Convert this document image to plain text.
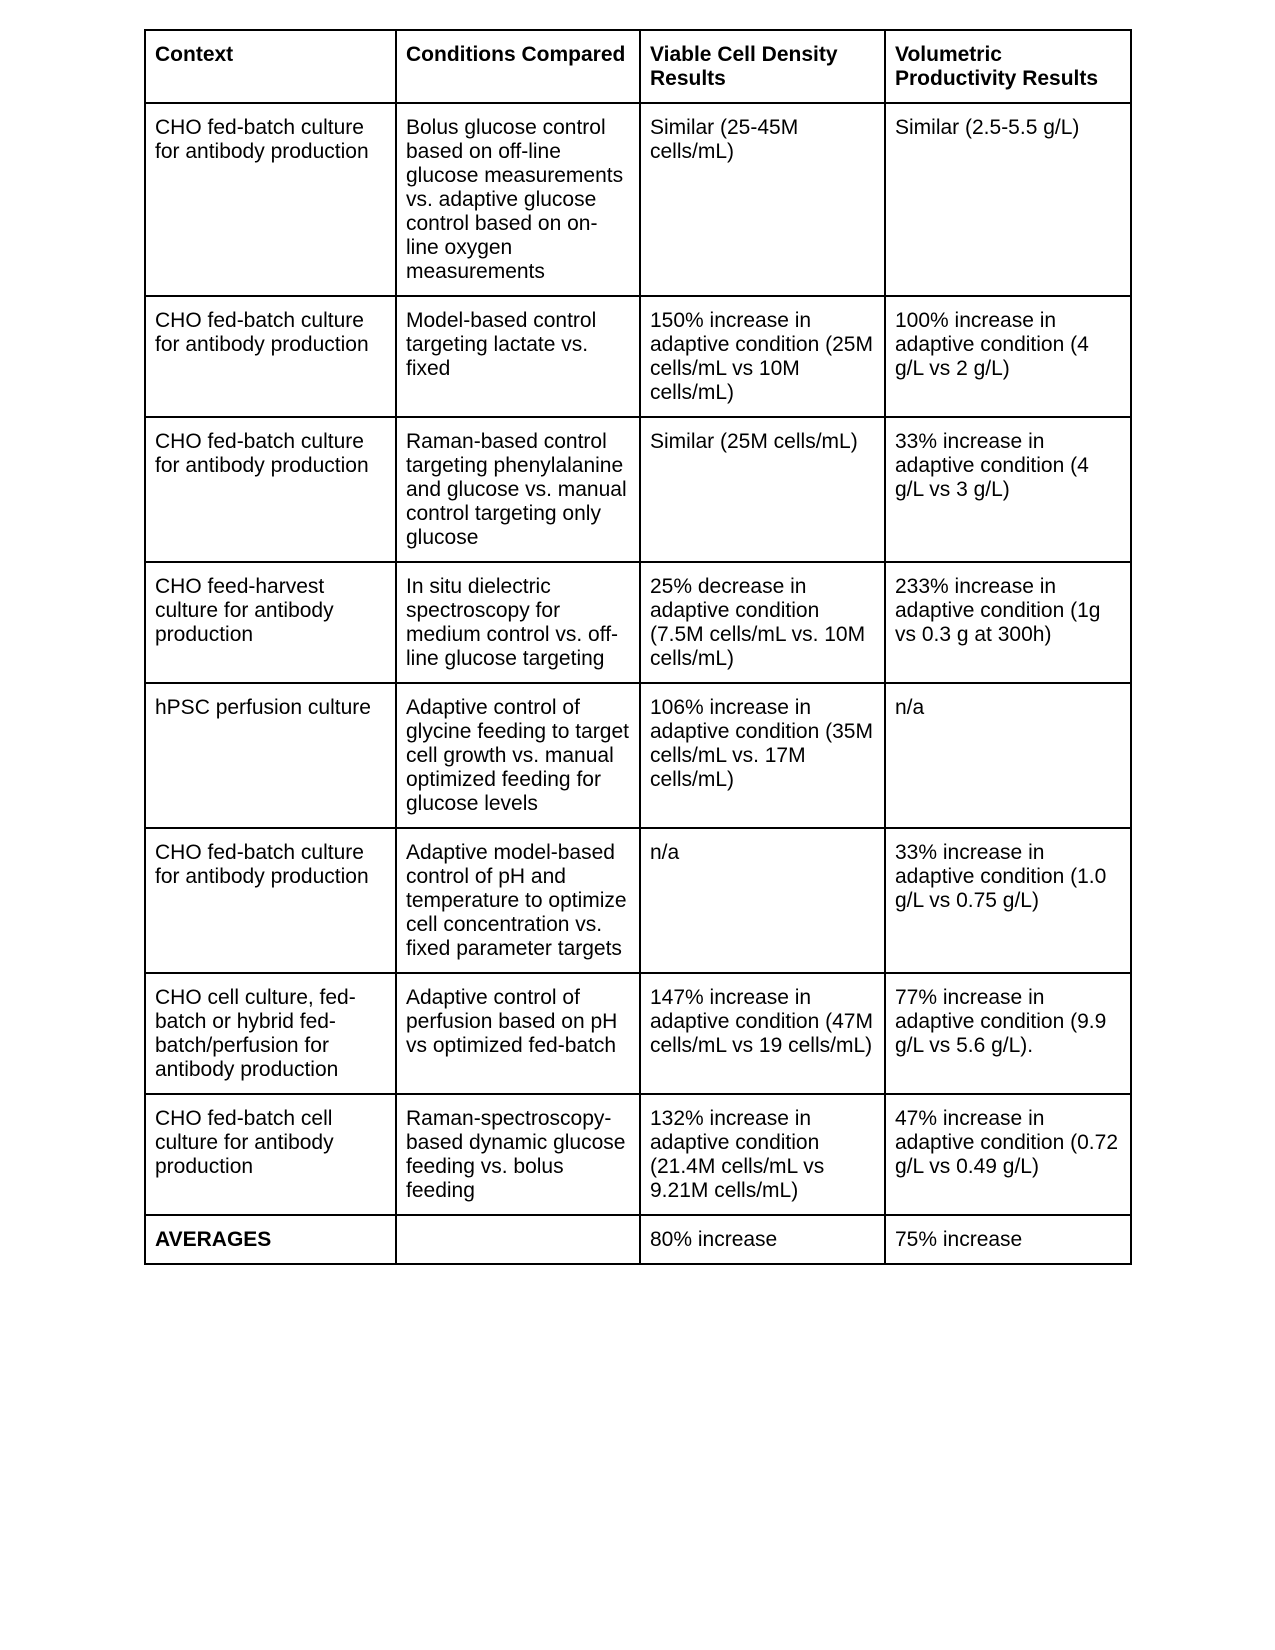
Context	Conditions Compared	Viable Cell Density Results	Volumetric Productivity Results
CHO fed-batch culture for antibody production	Bolus glucose control based on off-line glucose measurements vs. adaptive glucose control based on on-line oxygen measurements	Similar (25-45M cells/mL)	Similar (2.5-5.5 g/L)
CHO fed-batch culture for antibody production	Model-based control targeting lactate vs. fixed	150% increase in adaptive condition (25M cells/mL vs 10M cells/mL)	100% increase in adaptive condition (4 g/L vs 2 g/L)
CHO fed-batch culture for antibody production	Raman-based control targeting phenylalanine and glucose vs. manual control targeting only glucose	Similar (25M cells/mL)	33% increase in adaptive condition (4 g/L vs 3 g/L)
CHO feed-harvest culture for antibody production	In situ dielectric spectroscopy for medium control vs. off-line glucose targeting	25% decrease in adaptive condition (7.5M cells/mL vs. 10M cells/mL)	233% increase in adaptive condition (1g vs 0.3 g at 300h)
hPSC perfusion culture	Adaptive control of glycine feeding to target cell growth vs. manual optimized feeding for glucose levels	106% increase in adaptive condition (35M cells/mL vs. 17M cells/mL)	n/a
CHO fed-batch culture for antibody production	Adaptive model-based control of pH and temperature to optimize cell concentration vs. fixed parameter targets	n/a	33% increase in adaptive condition (1.0 g/L vs 0.75 g/L)
CHO cell culture, fed-batch or hybrid fed-batch/perfusion for antibody production	Adaptive control of perfusion based on pH vs optimized fed-batch	147% increase in adaptive condition (47M cells/mL vs 19 cells/mL)	77% increase in adaptive condition (9.9 g/L vs 5.6 g/L).
CHO fed-batch cell culture for antibody production	Raman-spectroscopy-based dynamic glucose feeding vs. bolus feeding	132% increase in adaptive condition (21.4M cells/mL vs 9.21M cells/mL)	47% increase in adaptive condition (0.72 g/L vs 0.49 g/L)
AVERAGES		80% increase	75% increase
